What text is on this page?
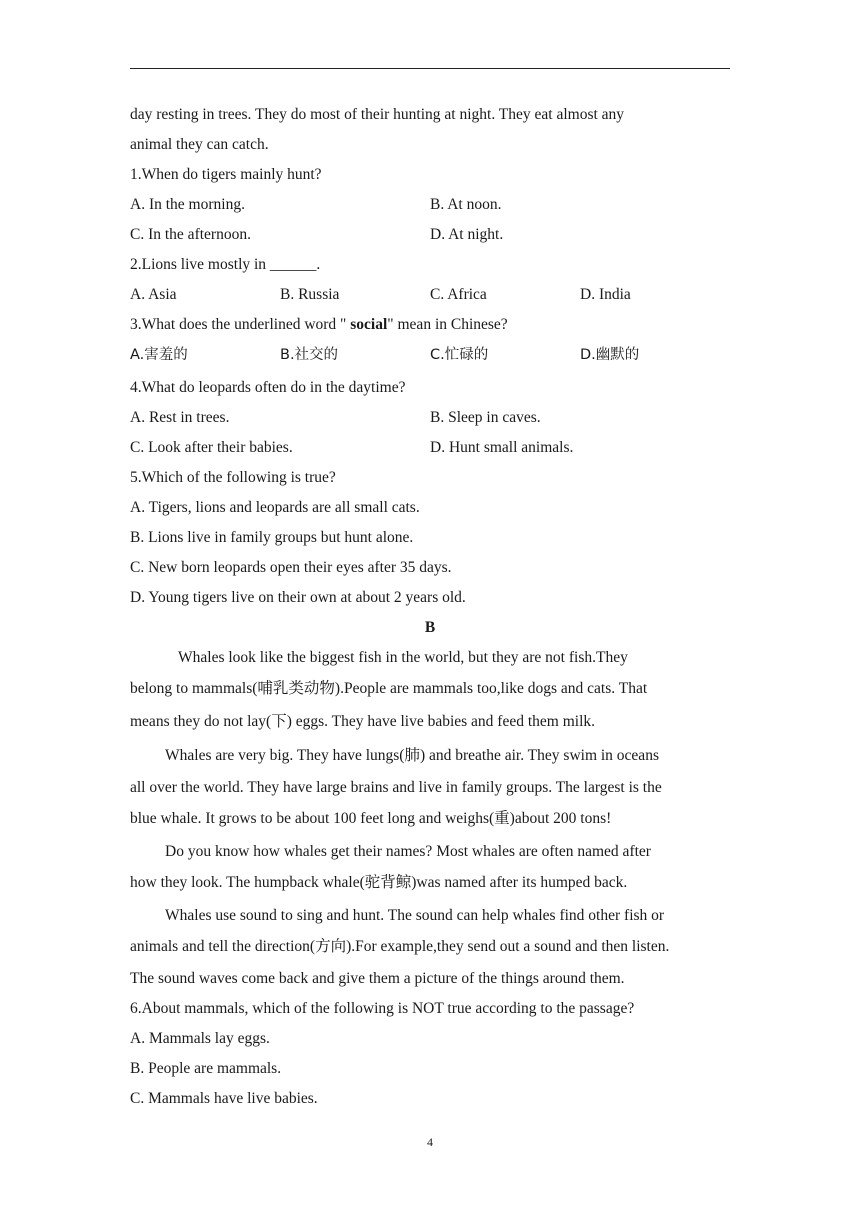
day resting in trees. They do most of their hunting at night. They eat almost any
animal they can catch.
1.When do tigers mainly hunt?
A. In the morning.	B. At noon.
C. In the afternoon.	D. At night.
2.Lions live mostly in ______.
A. Asia	B. Russia	C. Africa	D. India
3.What does the underlined word " social" mean in Chinese?
A.害羞的	B.社交的	C.忙碌的	D.幽默的
4.What do leopards often do in the daytime?
A. Rest in trees.	B. Sleep in caves.
C. Look after their babies.	D. Hunt small animals.
5.Which of the following is true?
A. Tigers, lions and leopards are all small cats.
B. Lions live in family groups but hunt alone.
C. New born leopards open their eyes after 35 days.
D. Young tigers live on their own at about 2 years old.
B
Whales look like the biggest fish in the world, but they are not fish.They
belong to mammals(哺乳类动物).People are mammals too,like dogs and cats. That
means they do not lay(下) eggs. They have live babies and feed them milk.
Whales are very big. They have lungs(肺) and breathe air. They swim in oceans
all over the world. They have large brains and live in family groups. The largest is the
blue whale. It grows to be about 100 feet long and weighs(重)about 200 tons!
Do you know how whales get their names? Most whales are often named after
how they look. The humpback whale(驼背鲸)was named after its humped back.
Whales use sound to sing and hunt. The sound can help whales find other fish or
animals and tell the direction(方向).For example,they send out a sound and then listen.
The sound waves come back and give them a picture of the things around them.
6.About mammals, which of the following is NOT true according to the passage?
A. Mammals lay eggs.
B. People are mammals.
C. Mammals have live babies.
4
